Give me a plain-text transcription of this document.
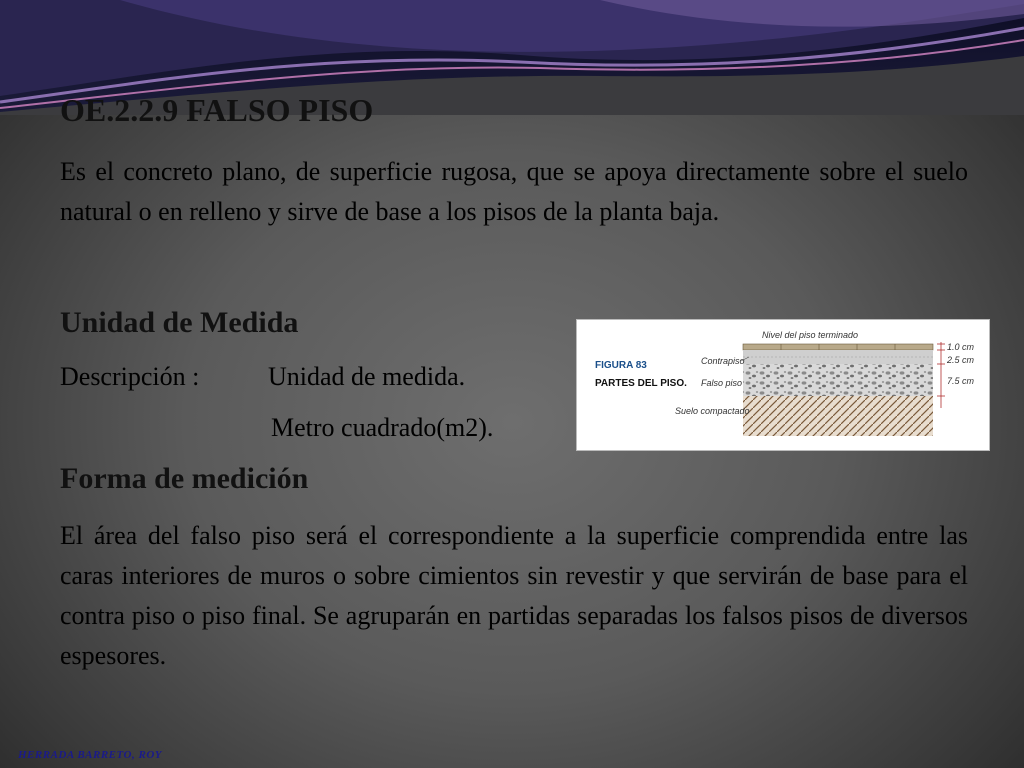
OE.2.2.9 FALSO PISO
Es el concreto plano, de superficie rugosa, que se apoya directamente sobre el suelo natural o en relleno y sirve de base a los pisos de la planta baja.
Unidad de Medida
Descripción :	Unidad de medida.
Metro cuadrado(m2).
FIGURA 83
PARTES DEL PISO.
Nivel del piso terminado
Contrapiso
Falso piso
Suelo compactado
1.0 cm
2.5 cm
7.5 cm
Forma de medición
El área del falso piso será el correspondiente a la superficie comprendida entre las caras interiores de muros o sobre cimientos sin revestir y que servirán de base para el contra piso o piso final. Se agruparán en partidas separadas los falsos pisos de diversos espesores.
HERRADA BARRETO, ROY
